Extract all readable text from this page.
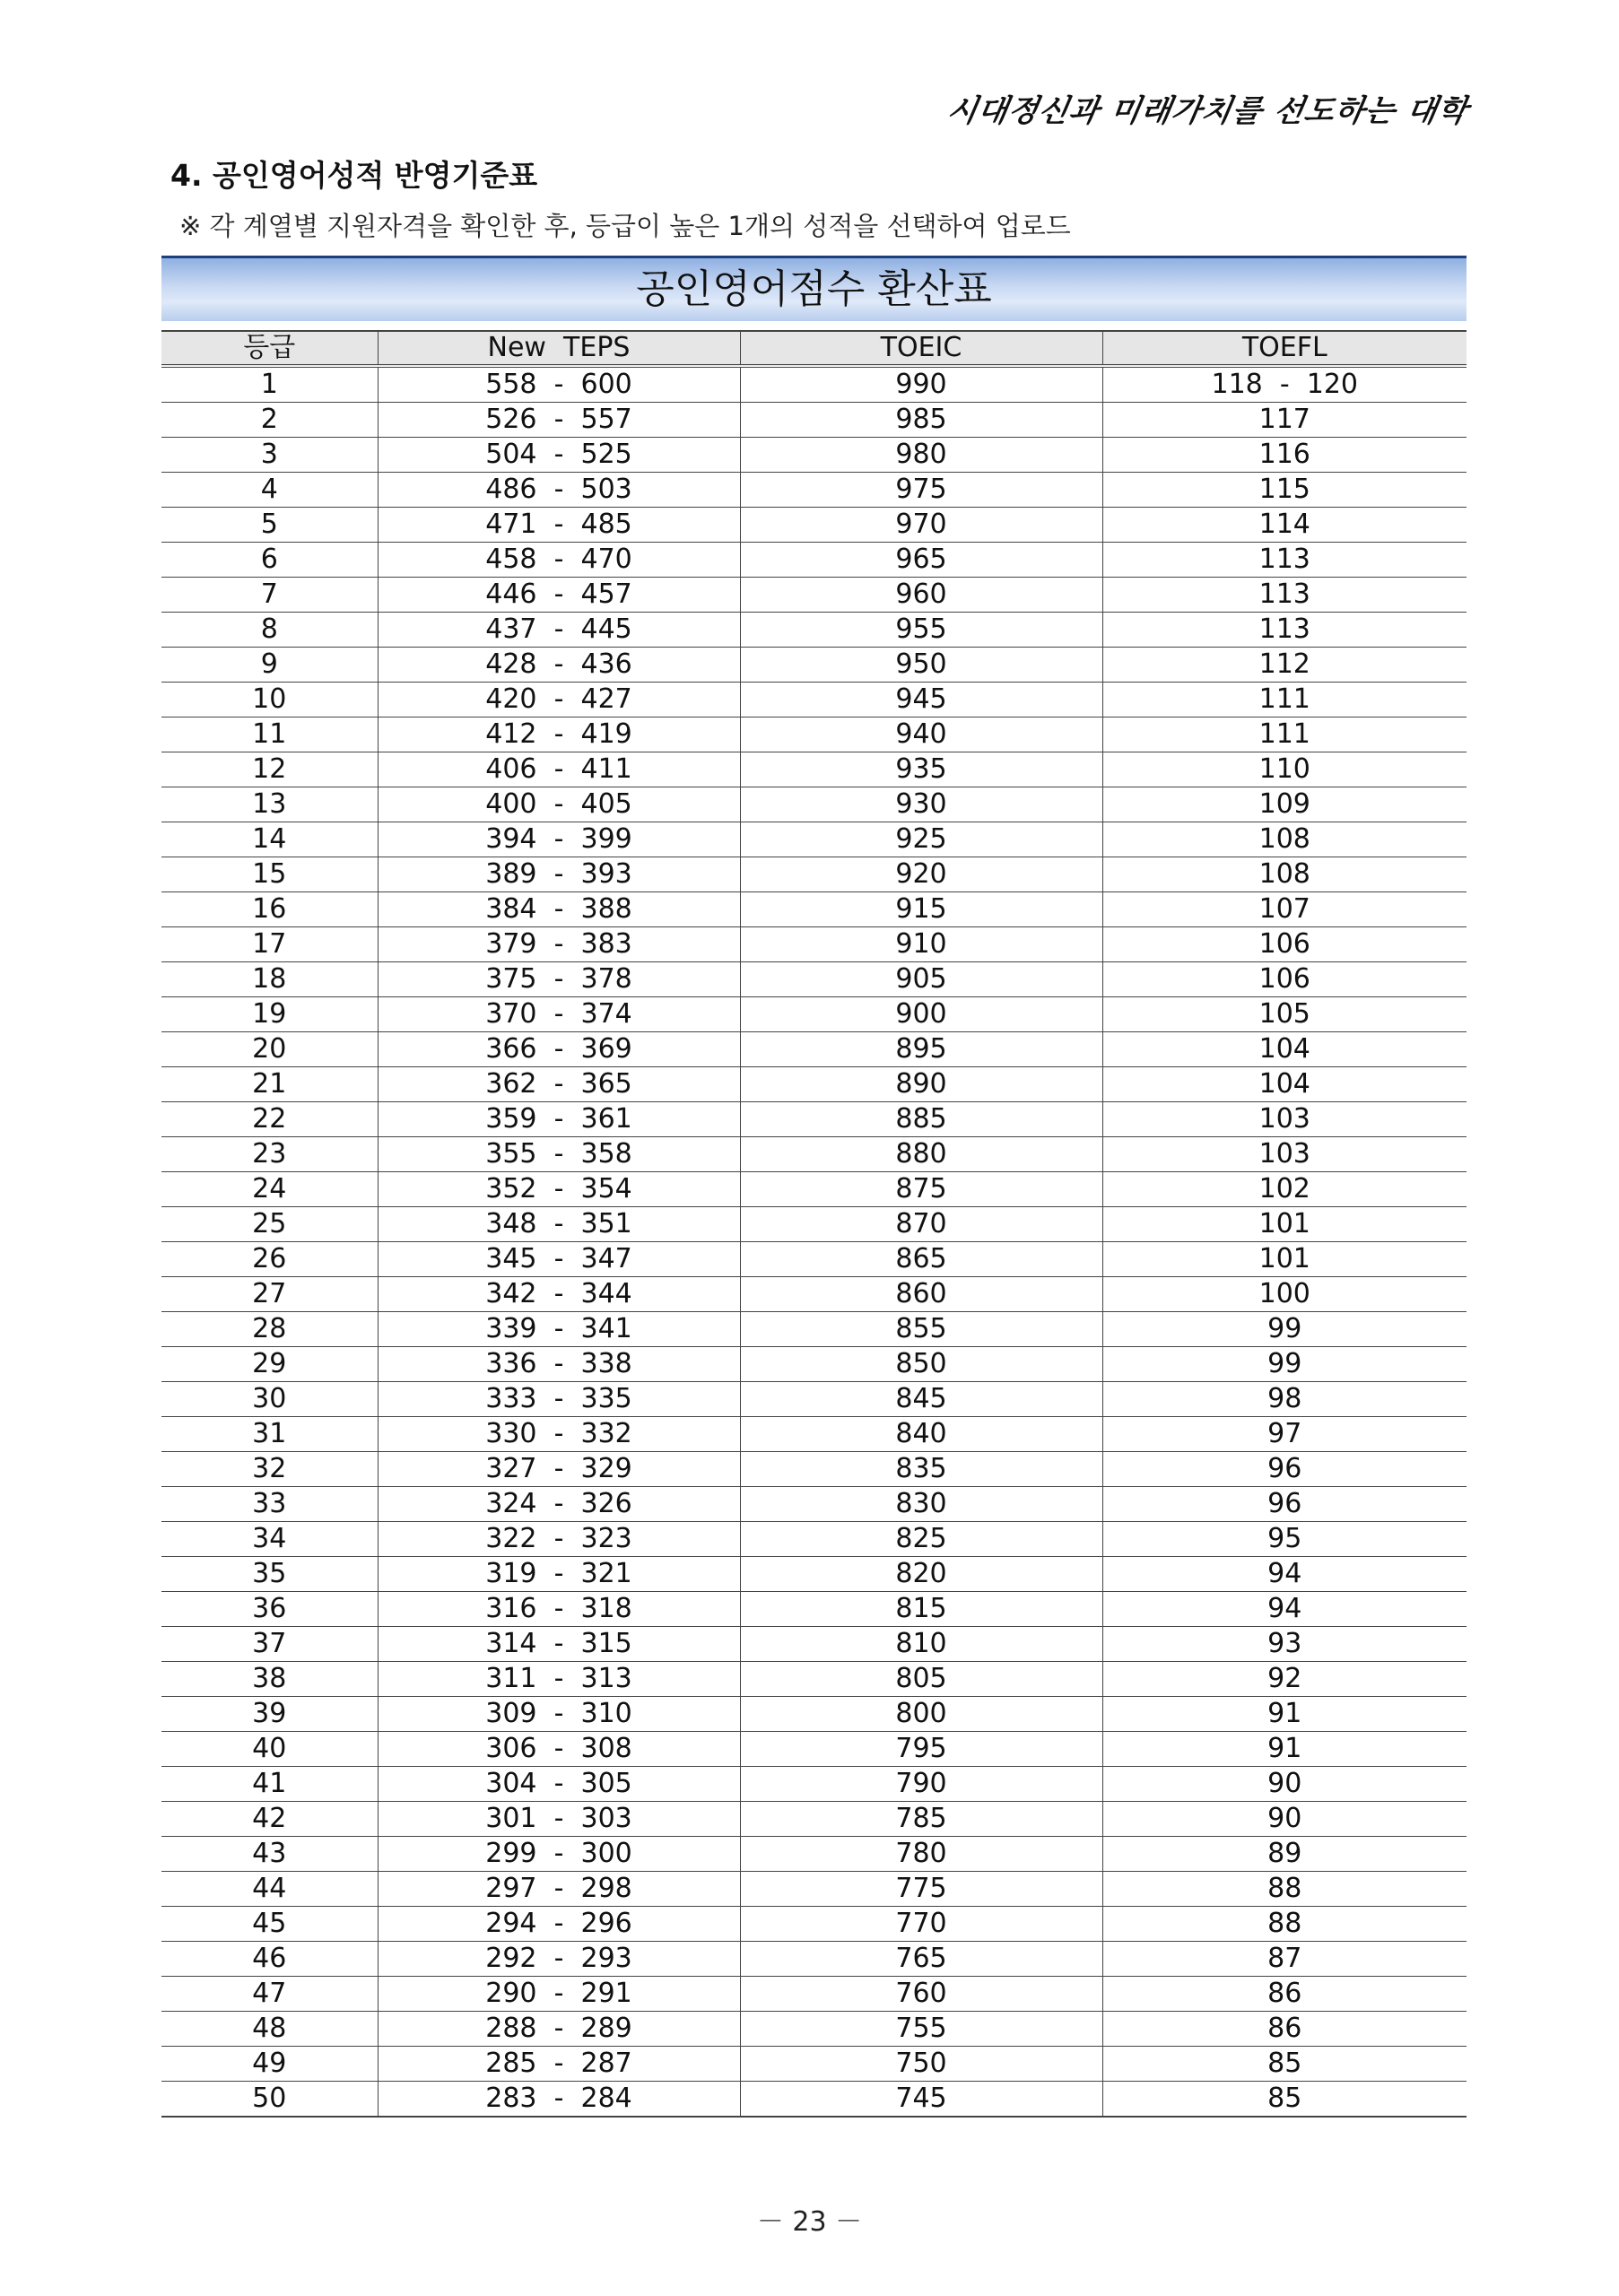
시대정신과 미래가치를 선도하는 대학
4. 공인영어성적 반영기준표
※ 각 계열별 지원자격을 확인한 후, 등급이 높은 1개의 성적을 선택하여 업로드
공인영어점수 환산표
등급	New  TEPS	TOEIC	TOEFL
1	558  -  600	990	118  -  120
2	526  -  557	985	117
3	504  -  525	980	116
4	486  -  503	975	115
5	471  -  485	970	114
6	458  -  470	965	113
7	446  -  457	960	113
8	437  -  445	955	113
9	428  -  436	950	112
10	420  -  427	945	111
11	412  -  419	940	111
12	406  -  411	935	110
13	400  -  405	930	109
14	394  -  399	925	108
15	389  -  393	920	108
16	384  -  388	915	107
17	379  -  383	910	106
18	375  -  378	905	106
19	370  -  374	900	105
20	366  -  369	895	104
21	362  -  365	890	104
22	359  -  361	885	103
23	355  -  358	880	103
24	352  -  354	875	102
25	348  -  351	870	101
26	345  -  347	865	101
27	342  -  344	860	100
28	339  -  341	855	99
29	336  -  338	850	99
30	333  -  335	845	98
31	330  -  332	840	97
32	327  -  329	835	96
33	324  -  326	830	96
34	322  -  323	825	95
35	319  -  321	820	94
36	316  -  318	815	94
37	314  -  315	810	93
38	311  -  313	805	92
39	309  -  310	800	91
40	306  -  308	795	91
41	304  -  305	790	90
42	301  -  303	785	90
43	299  -  300	780	89
44	297  -  298	775	88
45	294  -  296	770	88
46	292  -  293	765	87
47	290  -  291	760	86
48	288  -  289	755	86
49	285  -  287	750	85
50	283  -  284	745	85
－ 23 －
